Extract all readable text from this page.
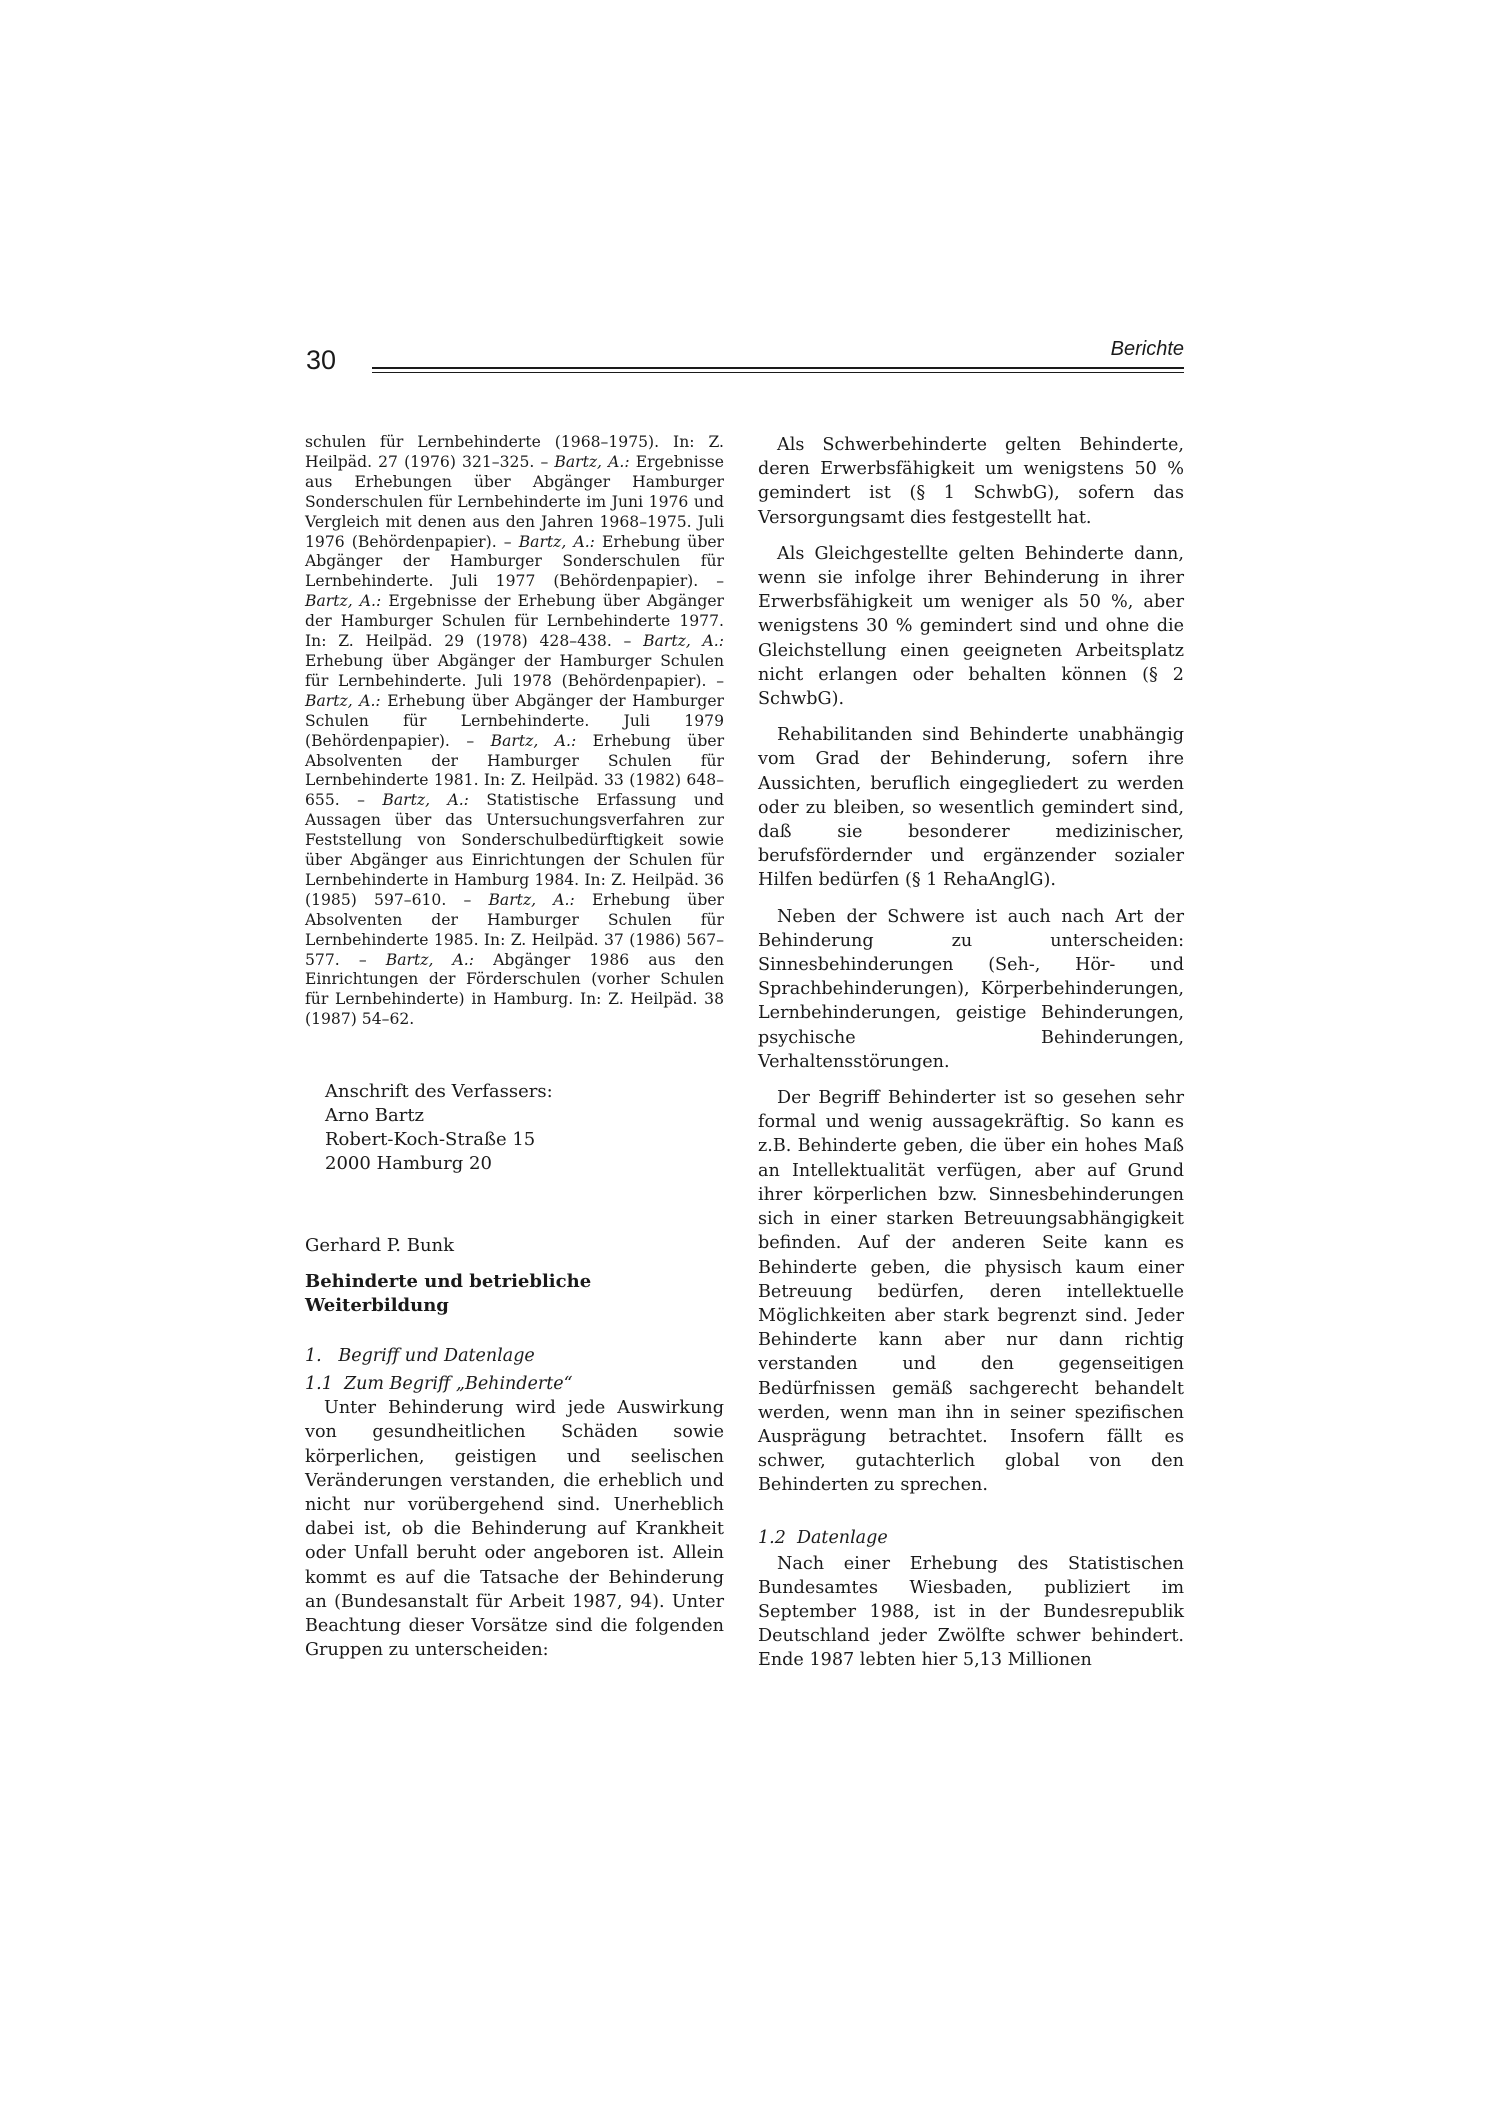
30	Berichte

schulen für Lernbehinderte (1968–1975). In: Z. Heilpäd. 27 (1976) 321–325. – Bartz, A.: Ergebnisse aus Erhebungen über Abgänger Hamburger Sonderschulen für Lernbehinderte im Juni 1976 und Vergleich mit denen aus den Jahren 1968–1975. Juli 1976 (Behördenpapier). – Bartz, A.: Erhebung über Abgänger der Hamburger Sonderschulen für Lernbehinderte. Juli 1977 (Behördenpapier). – Bartz, A.: Ergebnisse der Erhebung über Abgänger der Hamburger Schulen für Lernbehinderte 1977. In: Z. Heilpäd. 29 (1978) 428–438. – Bartz, A.: Erhebung über Abgänger der Hamburger Schulen für Lernbehinderte. Juli 1978 (Behördenpapier). – Bartz, A.: Erhebung über Abgänger der Hamburger Schulen für Lernbehinderte. Juli 1979 (Behördenpapier). – Bartz, A.: Erhebung über Absolventen der Hamburger Schulen für Lernbehinderte 1981. In: Z. Heilpäd. 33 (1982) 648–655. – Bartz, A.: Statistische Erfassung und Aussagen über das Untersuchungsverfahren zur Feststellung von Sonderschulbedürftigkeit sowie über Abgänger aus Einrichtungen der Schulen für Lernbehinderte in Hamburg 1984. In: Z. Heilpäd. 36 (1985) 597–610. – Bartz, A.: Erhebung über Absolventen der Hamburger Schulen für Lernbehinderte 1985. In: Z. Heilpäd. 37 (1986) 567–577. – Bartz, A.: Abgänger 1986 aus den Einrichtungen der Förderschulen (vorher Schulen für Lernbehinderte) in Hamburg. In: Z. Heilpäd. 38 (1987) 54–62.

Anschrift des Verfassers:
Arno Bartz
Robert-Koch-Straße 15
2000 Hamburg 20
Gerhard P. Bunk
Behinderte und betriebliche Weiterbildung
1.   Begriff und Datenlage
1.1  Zum Begriff „Behinderte“

Unter Behinderung wird jede Auswirkung von gesundheitlichen Schäden sowie körperlichen, geistigen und seelischen Veränderungen verstanden, die erheblich und nicht nur vorübergehend sind. Unerheblich dabei ist, ob die Behinderung auf Krankheit oder Unfall beruht oder angeboren ist. Allein kommt es auf die Tatsache der Behinderung an (Bundesanstalt für Arbeit 1987, 94). Unter Beachtung dieser Vorsätze sind die folgenden Gruppen zu unterscheiden:

Als Schwerbehinderte gelten Behinderte, deren Erwerbsfähigkeit um wenigstens 50 % gemindert ist (§ 1 SchwbG), sofern das Versorgungsamt dies festgestellt hat.

Als Gleichgestellte gelten Behinderte dann, wenn sie infolge ihrer Behinderung in ihrer Erwerbsfähigkeit um weniger als 50 %, aber wenigstens 30 % gemindert sind und ohne die Gleichstellung einen geeigneten Arbeitsplatz nicht erlangen oder behalten können (§ 2 SchwbG).

Rehabilitanden sind Behinderte unabhängig vom Grad der Behinderung, sofern ihre Aussichten, beruflich eingegliedert zu werden oder zu bleiben, so wesentlich gemindert sind, daß sie besonderer medizinischer, berufsfördernder und ergänzender sozialer Hilfen bedürfen (§ 1 RehaAnglG).

Neben der Schwere ist auch nach Art der Behinderung zu unterscheiden: Sinnesbehinderungen (Seh-, Hör- und Sprachbehinderungen), Körperbehinderungen, Lernbehinderungen, geistige Behinderungen, psychische Behinderungen, Verhaltensstörungen.

Der Begriff Behinderter ist so gesehen sehr formal und wenig aussagekräftig. So kann es z.B. Behinderte geben, die über ein hohes Maß an Intellektualität verfügen, aber auf Grund ihrer körperlichen bzw. Sinnesbehinderungen sich in einer starken Betreuungsabhängigkeit befinden. Auf der anderen Seite kann es Behinderte geben, die physisch kaum einer Betreuung bedürfen, deren intellektuelle Möglichkeiten aber stark begrenzt sind. Jeder Behinderte kann aber nur dann richtig verstanden und den gegenseitigen Bedürfnissen gemäß sachgerecht behandelt werden, wenn man ihn in seiner spezifischen Ausprägung betrachtet. Insofern fällt es schwer, gutachterlich global von den Behinderten zu sprechen.

1.2  Datenlage

Nach einer Erhebung des Statistischen Bundesamtes Wiesbaden, publiziert im September 1988, ist in der Bundesrepublik Deutschland jeder Zwölfte schwer behindert. Ende 1987 lebten hier 5,13 Millionen
